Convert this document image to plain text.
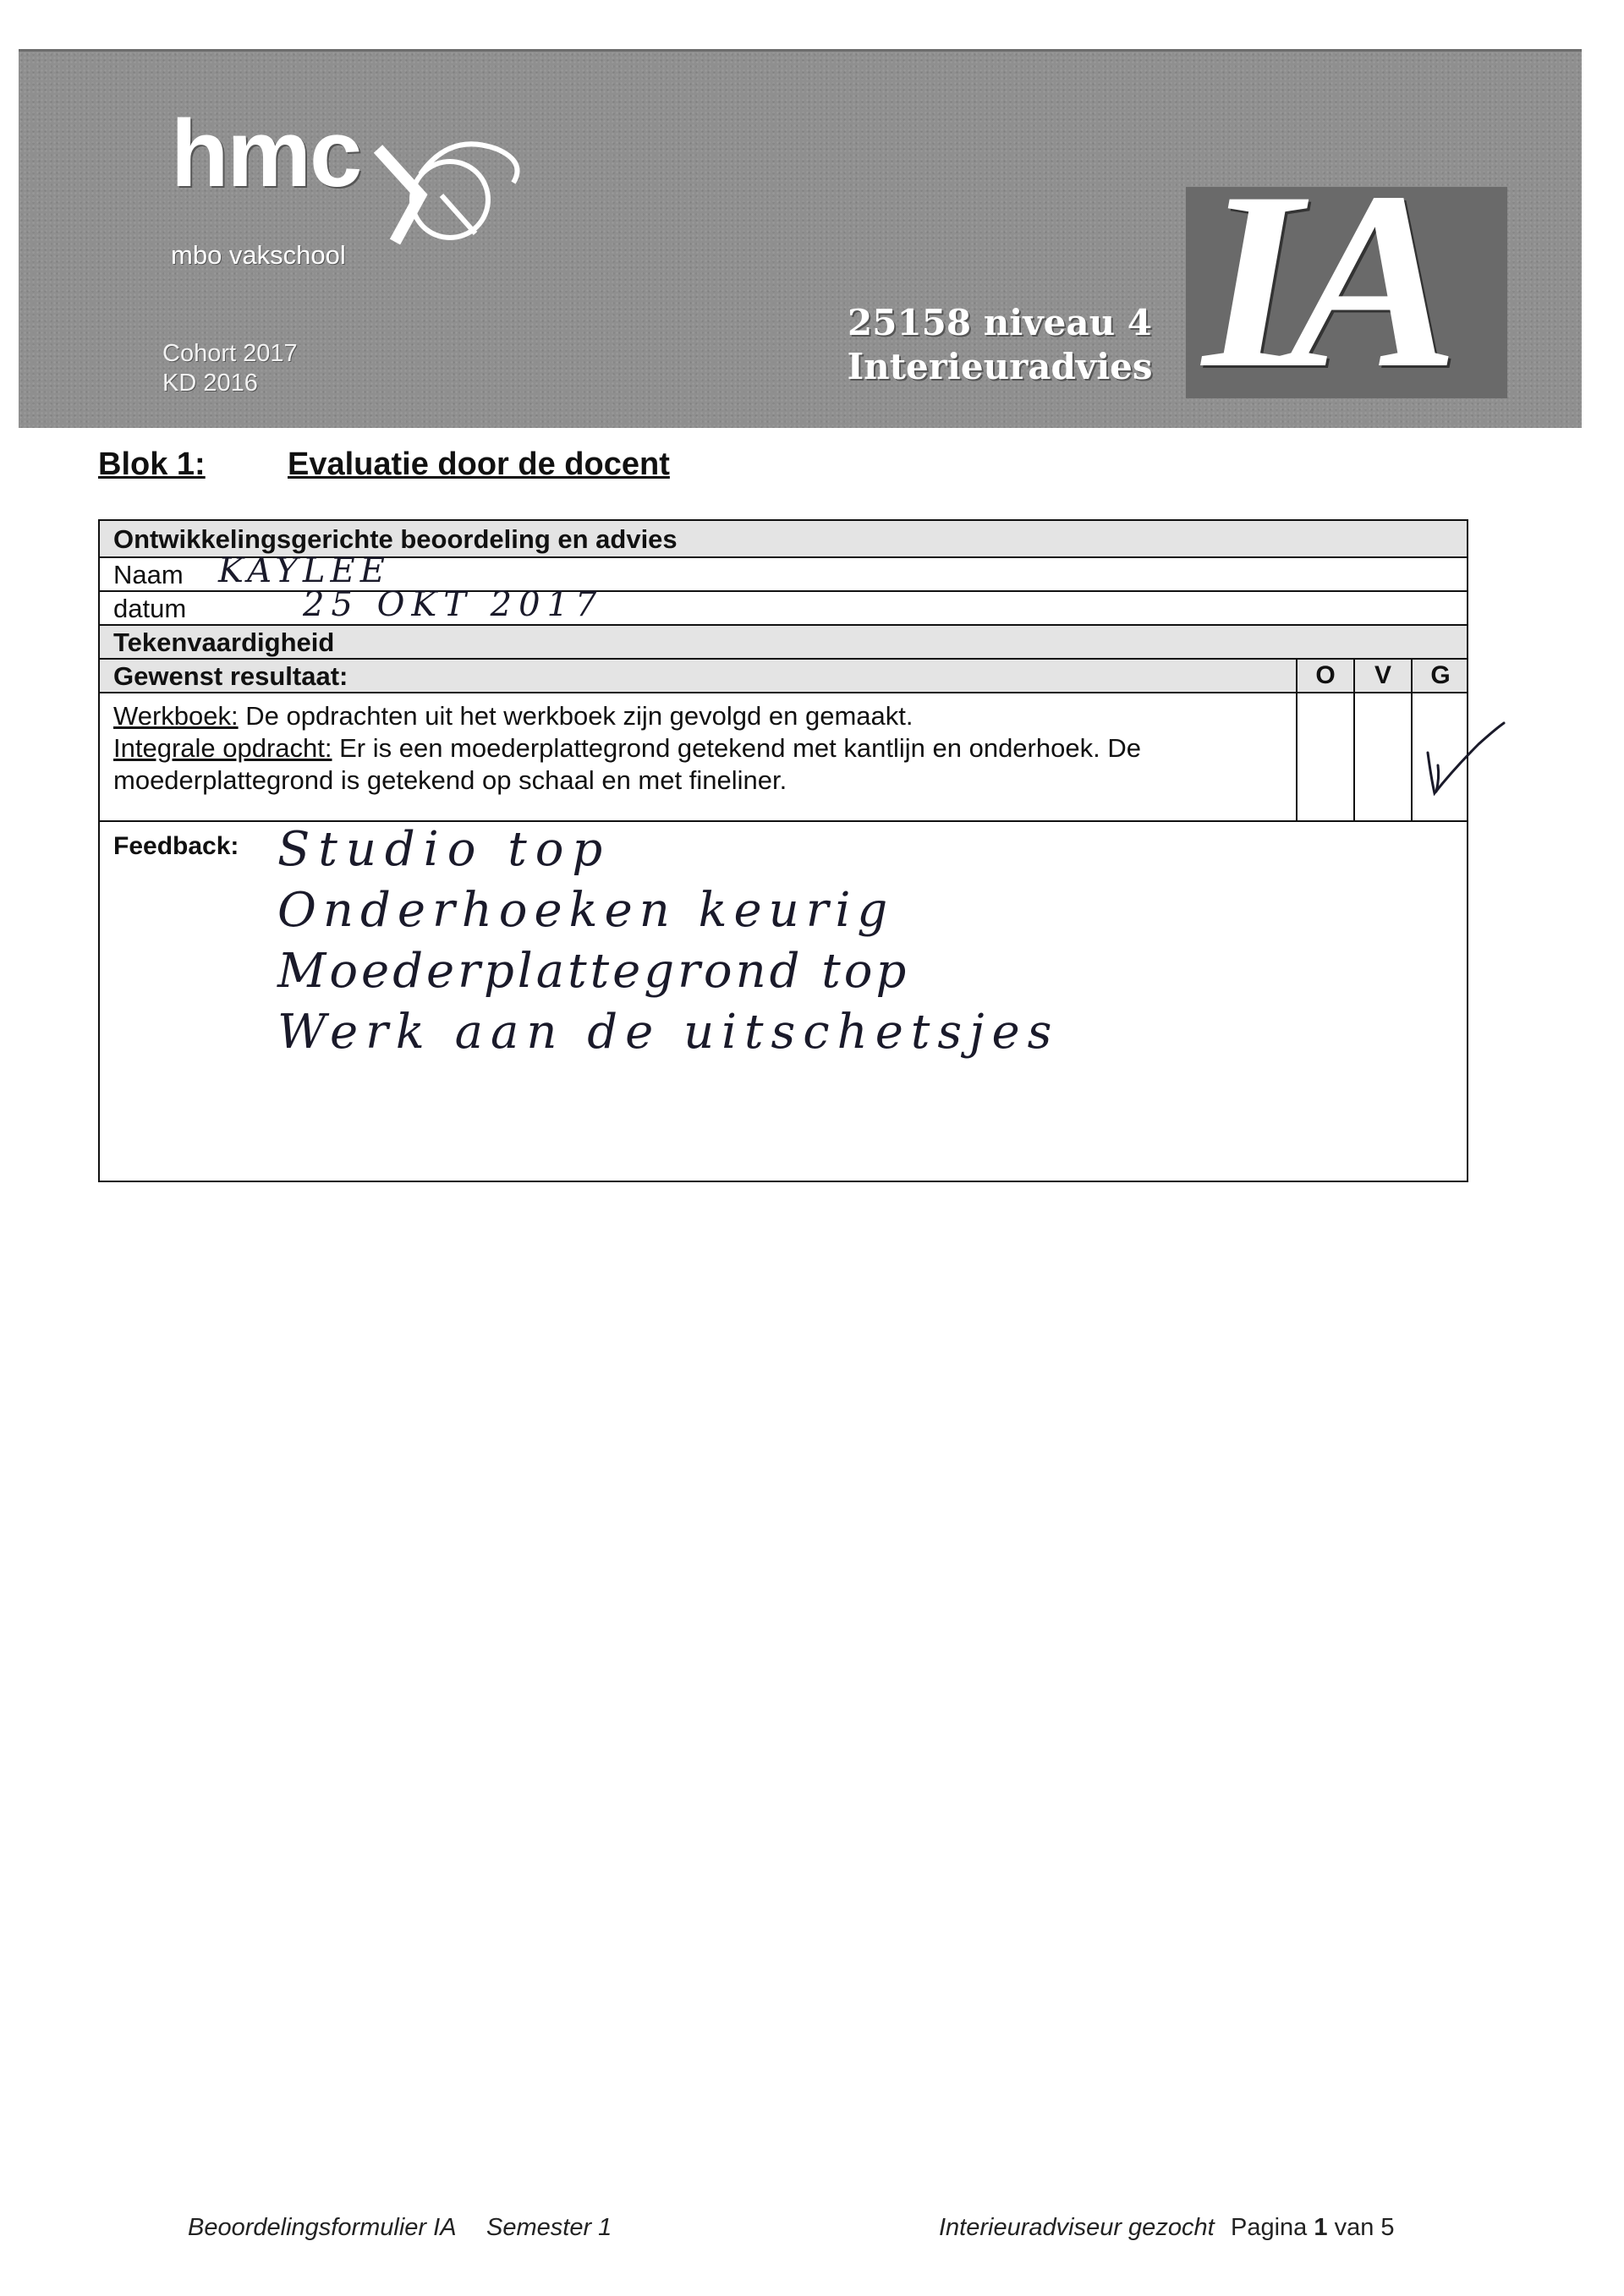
hmc
mbo vakschool
Cohort 2017
KD 2016
25158 niveau 4
Interieuradvies IA
Blok 1:	Evaluatie door de docent
Ontwikkelingsgerichte beoordeling en advies
Naam KAYLEE
datum	25 OKT 2017
Tekenvaardigheid
Gewenst resultaat:	O	V	G
Werkboek: De opdrachten uit het werkboek zijn gevolgd en gemaakt.
Integrale opdracht: Er is een moederplattegrond getekend met kantlijn en onderhoek. De moederplattegrond is getekend op schaal en met fineliner.
Feedback: Studio top
Onderhoeken keurig
Moederplattegrond top
Werk aan de uitschetsjes
Beoordelingsformulier IA Semester 1	Interieuradviseur gezocht Pagina 1 van 5
